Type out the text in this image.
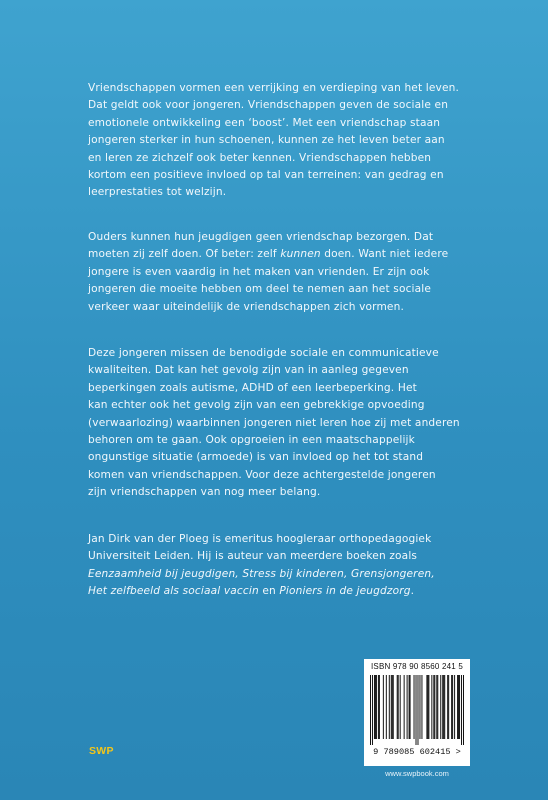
Vriendschappen vormen een verrijking en verdieping van het leven.
Dat geldt ook voor jongeren. Vriendschappen geven de sociale en
emotionele ontwikkeling een ‘boost’. Met een vriendschap staan
jongeren sterker in hun schoenen, kunnen ze het leven beter aan
en leren ze zichzelf ook beter kennen. Vriendschappen hebben
kortom een positieve invloed op tal van terreinen: van gedrag en
leerprestaties tot welzijn.
Ouders kunnen hun jeugdigen geen vriendschap bezorgen. Dat
moeten zij zelf doen. Of beter: zelf kunnen doen. Want niet iedere
jongere is even vaardig in het maken van vrienden. Er zijn ook
jongeren die moeite hebben om deel te nemen aan het sociale
verkeer waar uiteindelijk de vriendschappen zich vormen.
Deze jongeren missen de benodigde sociale en communicatieve
kwaliteiten. Dat kan het gevolg zijn van in aanleg gegeven
beperkingen zoals autisme, ADHD of een leerbeperking. Het
kan echter ook het gevolg zijn van een gebrekkige opvoeding
(verwaarlozing) waarbinnen jongeren niet leren hoe zij met anderen
behoren om te gaan. Ook opgroeien in een maatschappelijk
ongunstige situatie (armoede) is van invloed op het tot stand
komen van vriendschappen. Voor deze achtergestelde jongeren
zijn vriendschappen van nog meer belang.
Jan Dirk van der Ploeg is emeritus hoogleraar orthopedagogiek
Universiteit Leiden. Hij is auteur van meerdere boeken zoals
Eenzaamheid bij jeugdigen, Stress bij kinderen, Grensjongeren,
Het zelfbeeld als sociaal vaccin en Pioniers in de jeugdzorg.
ISBN 978 90 8560 241 5
9 789085 602415 >
www.swpbook.com
SWP
